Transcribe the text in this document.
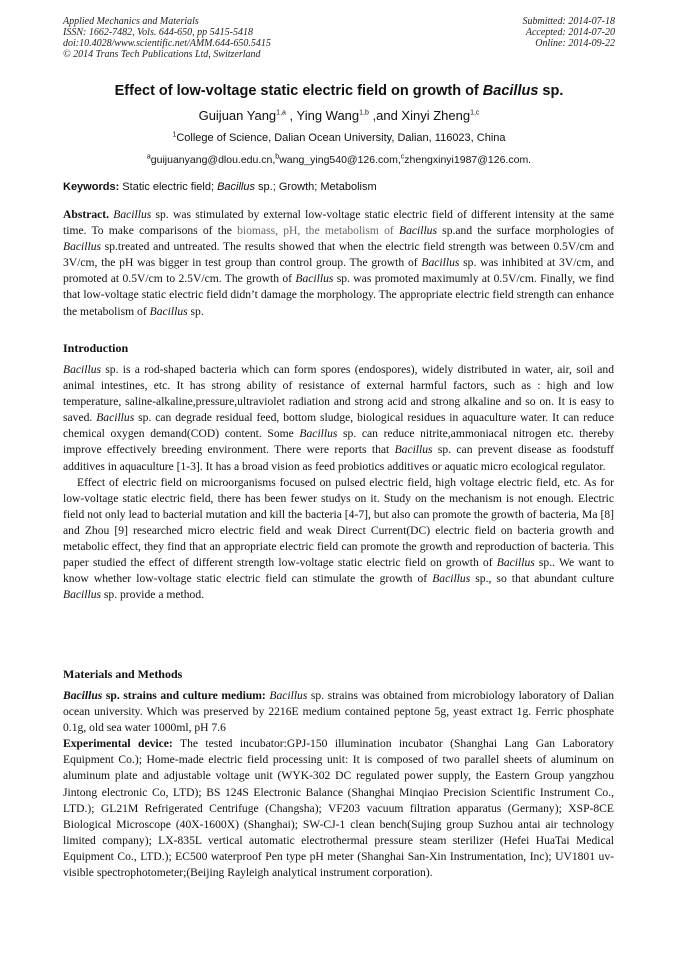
Applied Mechanics and Materials
ISSN: 1662-7482, Vols. 644-650, pp 5415-5418
doi:10.4028/www.scientific.net/AMM.644-650.5415
© 2014 Trans Tech Publications Ltd, Switzerland
Submitted: 2014-07-18
Accepted: 2014-07-20
Online: 2014-09-22
Effect of low-voltage static electric field on growth of Bacillus sp.
Guijuan Yang$^{1,a}$ , Ying Wang$^{1,b}$ ,and Xinyi Zheng$^{1,c}$
$^1$College of Science, Dalian Ocean University, Dalian, 116023, China
$^a$guijuanyang@dlou.edu.cn,$^b$wang_ying540@126.com,$^c$zhengxinyi1987@126.com.
Keywords: Static electric field; Bacillus sp.; Growth; Metabolism

Abstract. Bacillus sp. was stimulated by external low-voltage static electric field of different intensity at the same time. To make comparisons of the biomass, pH, the metabolism of Bacillus sp.and the surface morphologies of Bacillus sp.treated and untreated. The results showed that when the electric field strength was between 0.5V/cm and 3V/cm, the pH was bigger in test group than control group. The growth of Bacillus sp. was inhibited at 3V/cm, and promoted at 0.5V/cm to 2.5V/cm. The growth of Bacillus sp. was promoted maximumly at 0.5V/cm. Finally, we find that low-voltage static electric field didn’t damage the morphology. The appropriate electric field strength can enhance the metabolism of Bacillus sp.

Introduction

Bacillus sp. is a rod-shaped bacteria which can form spores (endospores), widely distributed in water, air, soil and animal intestines, etc. It has strong ability of resistance of external harmful factors, such as : high and low temperature, saline-alkaline,pressure,ultraviolet radiation and strong acid and strong alkaline and so on. It is easy to saved. Bacillus sp. can degrade residual feed, bottom sludge, biological residues in aquaculture water. It can reduce chemical oxygen demand(COD) content. Some Bacillus sp. can reduce nitrite,ammoniacal nitrogen etc. thereby improve effectively breeding environment. There were reports that Bacillus sp. can prevent disease as foodstuff additives in aquaculture [1-3]. It has a broad vision as feed probiotics additives or aquatic micro ecological regulator.

Effect of electric field on microorganisms focused on pulsed electric field, high voltage electric field, etc. As for low-voltage static electric field, there has been fewer studys on it. Study on the mechanism is not enough. Electric field not only lead to bacterial mutation and kill the bacteria [4-7], but also can promote the growth of bacteria, Ma [8] and Zhou [9] researched micro electric field and weak Direct Current(DC) electric field on bacteria growth and metabolic effect, they find that an appropriate electric field can promote the growth and reproduction of bacteria. This paper studied the effect of different strength low-voltage static electric field on growth of Bacillus sp.. We want to know whether low-voltage static electric field can stimulate the growth of Bacillus sp., so that abundant culture Bacillus sp. provide a method.

Materials and Methods

Bacillus sp. strains and culture medium: Bacillus sp. strains was obtained from microbiology laboratory of Dalian ocean university. Which was preserved by 2216E medium contained peptone 5g, yeast extract 1g. Ferric phosphate 0.1g, old sea water 1000ml, pH 7.6

Experimental device: The tested incubator:GPJ-150 illumination incubator (Shanghai Lang Gan Laboratory Equipment Co.); Home-made electric field processing unit: It is composed of two parallel sheets of aluminum on aluminum plate and adjustable voltage unit (WYK-302 DC regulated power supply, the Eastern Group yangzhou Jintong electronic Co, LTD); BS 124S Electronic Balance (Shanghai Minqiao Precision Scientific Instrument Co., LTD.); GL21M Refrigerated Centrifuge (Changsha); VF203 vacuum filtration apparatus (Germany); XSP-8CE Biological Microscope (40X-1600X) (Shanghai); SW-CJ-1 clean bench(Sujing group Suzhou antai air technology limited company); LX-835L vertical automatic electrothermal pressure steam sterilizer (Hefei HuaTai Medical Equipment Co., LTD.); EC500 waterproof Pen type pH meter (Shanghai San-Xin Instrumentation, Inc); UV1801 uv-visible spectrophotometer;(Beijing Rayleigh analytical instrument corporation).
